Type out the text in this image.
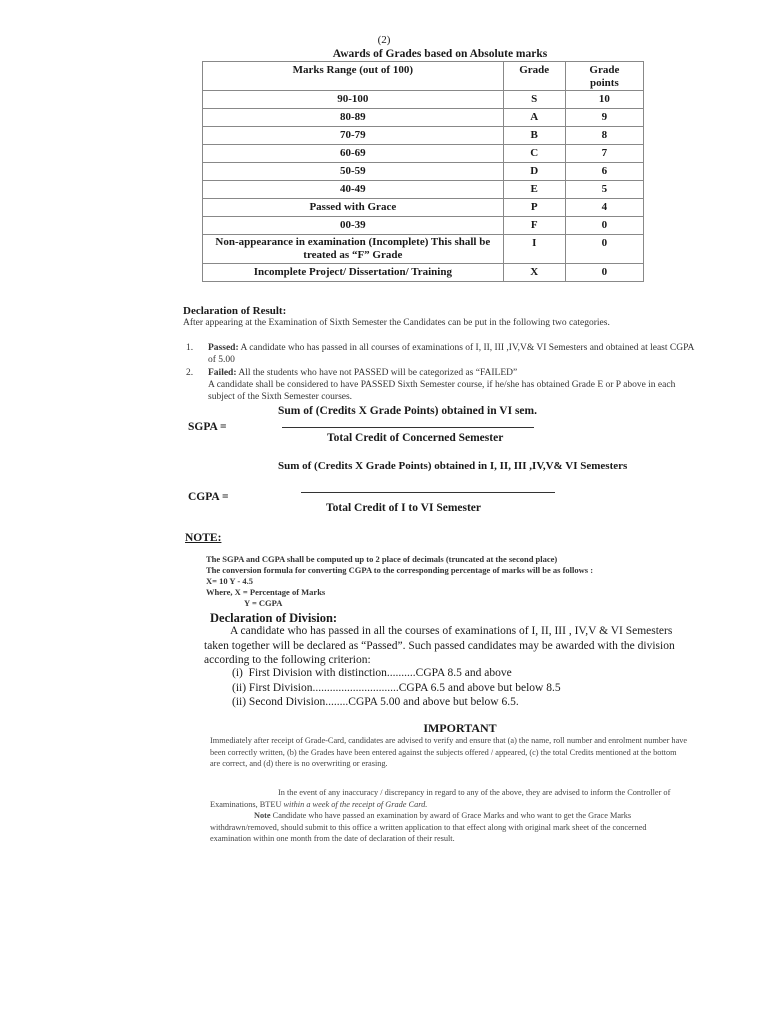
(2)
Awards of Grades based on Absolute marks
Marks Range (out of 100)	Grade	Grade points

90-100	S	10
80-89	A	9
70-79	B	8
60-69	C	7
50-59	D	6
40-49	E	5
Passed with Grace	P	4
00-39	F	0

Non-appearance in examination (Incomplete) This shall be treated as “F” Grade	I	0
Incomplete Project/ Dissertation/ Training	X	0
Declaration of Result:
After appearing at the Examination of Sixth Semester the Candidates can be put in the following two categories.
1.	Passed: A candidate who has passed in all courses of examinations of I, II, III ,IV,V& VI Semesters and obtained at least CGPA of 5.00
2.	Failed: All the students who have not PASSED will be categorized as “FAILED”
A candidate shall be considered to have PASSED Sixth Semester course, if he/she has obtained Grade E or P above in each subject of the Sixth Semester courses.
Sum of (Credits X Grade Points) obtained in VI sem.
SGPA =
Total Credit of Concerned Semester
Sum of (Credits X Grade Points) obtained in I, II, III ,IV,V& VI Semesters
CGPA =
Total Credit of I to VI Semester
NOTE:
The SGPA and CGPA shall be computed up to 2 place of decimals (truncated at the second place)
The conversion formula for converting CGPA to the corresponding percentage of marks will be as follows :
X= 10 Y - 4.5
Where, X = Percentage of Marks
Y = CGPA
Declaration of Division:
A candidate who has passed in all the courses of examinations of I, II, III , IV,V & VI Semesters taken together will be declared as “Passed”. Such passed candidates may be awarded with the division according to the following criterion:
(i)  First Division with distinction..........CGPA 8.5 and above
(ii) First Division..............................CGPA 6.5 and above but below 8.5
(ii) Second Division........CGPA 5.00 and above but below 6.5.
IMPORTANT
Immediately after receipt of Grade-Card, candidates are advised to verify and ensure that (a) the name, roll number and enrolment number have been correctly written, (b) the Grades have been entered against the subjects offered / appeared, (c) the total Credits mentioned at the bottom are correct, and (d) there is no overwriting or erasing.
In the event of any inaccuracy / discrepancy in regard to any of the above, they are advised to inform the Controller of Examinations, BTEU within a week of the receipt of Grade Card.
Note Candidate who have passed an examination by award of Grace Marks and who want to get the Grace Marks withdrawn/removed, should submit to this office a written application to that effect along with original mark sheet of the concerned examination within one month from the date of declaration of their result.
